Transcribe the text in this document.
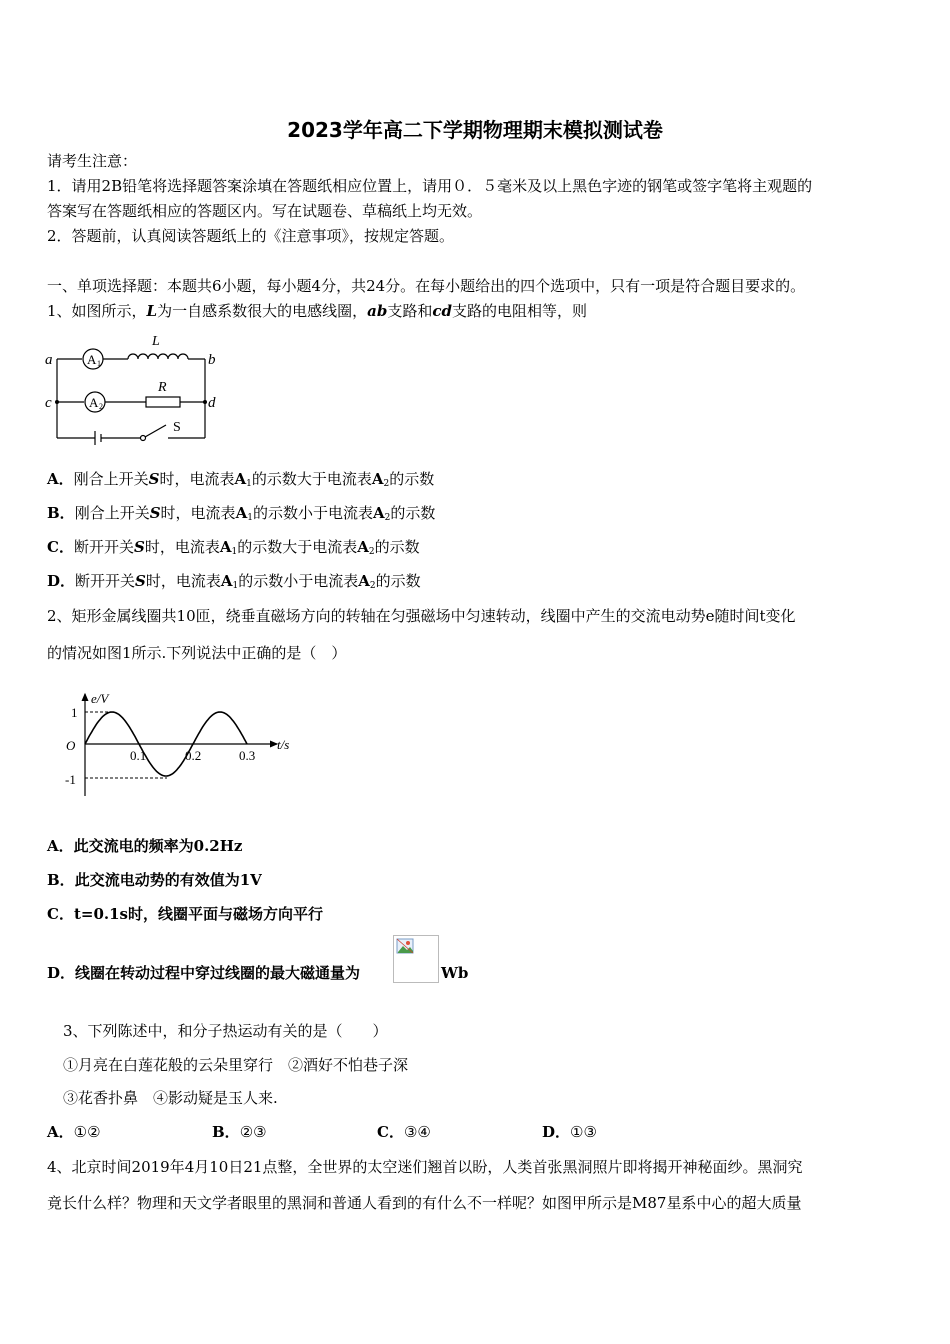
2023学年高二下学期物理期末模拟测试卷
请考生注意：
1．请用2B铅笔将选择题答案涂填在答题纸相应位置上，请用０．５毫米及以上黑色字迹的钢笔或签字笔将主观题的
答案写在答题纸相应的答题区内。写在试题卷、草稿纸上均无效。
2．答题前，认真阅读答题纸上的《注意事项》，按规定答题。
一、单项选择题：本题共6小题，每小题4分，共24分。在每小题给出的四个选项中，只有一项是符合题目要求的。
1、如图所示，L为一自感系数很大的电感线圈，ab支路和cd支路的电阻相等，则
a	b
c	d
L
R
S
A 1
A 2
A．刚合上开关S时，电流表$A_1$的示数大于电流表$A_2$的示数
B．刚合上开关S时，电流表$A_1$的示数小于电流表$A_2$的示数
C．断开开关S时，电流表$A_1$的示数大于电流表$A_2$的示数
D．断开开关S时，电流表$A_1$的示数小于电流表$A_2$的示数
2、矩形金属线圈共10匝，绕垂直磁场方向的转轴在匀强磁场中匀速转动，线圈中产生的交流电动势e随时间t变化
的情况如图1所示.下列说法中正确的是（　）
e/V
t/s
O
1
-1
0.1	0.2	0.3
A．此交流电的频率为0.2Hz
B．此交流电动势的有效值为1V
C．t=0.1s时，线圈平面与磁场方向平行
D．线圈在转动过程中穿过线圈的最大磁通量为	Wb
3、下列陈述中，和分子热运动有关的是（　　）
①月亮在白莲花般的云朵里穿行　②酒好不怕巷子深
③花香扑鼻　④影动疑是玉人来.
A．①②	B．②③	C．③④	D．①③
4、北京时间2019年4月10日21点整，全世界的太空迷们翘首以盼，人类首张黑洞照片即将揭开神秘面纱。黑洞究
竟长什么样？物理和天文学者眼里的黑洞和普通人看到的有什么不一样呢？如图甲所示是M87星系中心的超大质量
